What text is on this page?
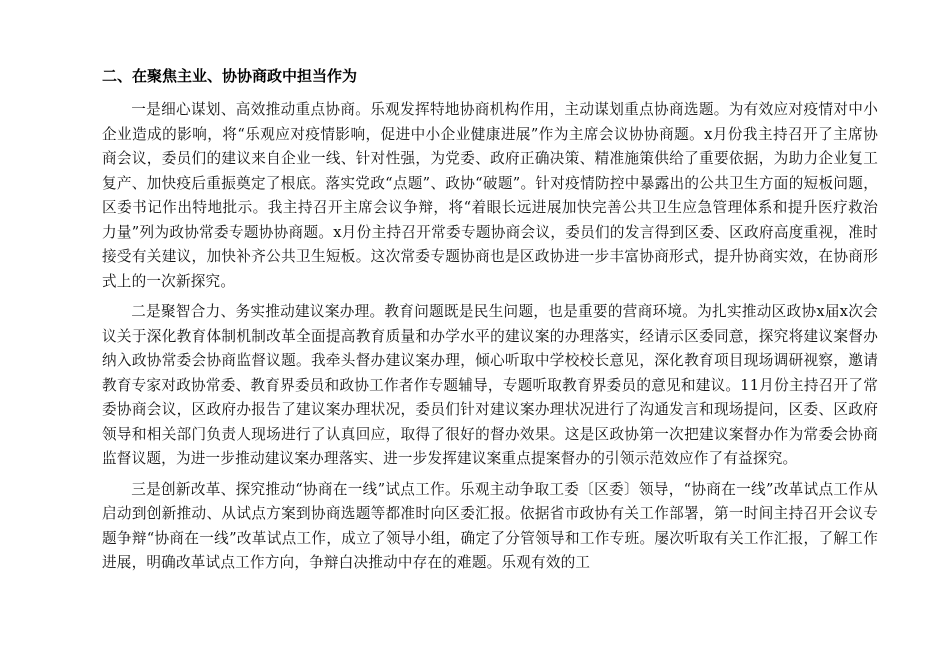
二、在聚焦主业、协协商政中担当作为

一是细心谋划、高效推动重点协商。乐观发挥特地协商机构作用，主动谋划重点协商选题。为有效应对疫情对中小企业造成的影响，将“乐观应对疫情影响，促进中小企业健康进展”作为主席会议协协商题。x月份我主持召开了主席协商会议，委员们的建议来自企业一线、针对性强，为党委、政府正确决策、精准施策供给了重要依据，为助力企业复工复产、加快疫后重振奠定了根底。落实党政“点题”、政协“破题”。针对疫情防控中暴露出的公共卫生方面的短板问题，区委书记作出特地批示。我主持召开主席会议争辩，将“着眼长远进展加快完善公共卫生应急管理体系和提升医疗救治力量”列为政协常委专题协协商题。x月份主持召开常委专题协商会议，委员们的发言得到区委、区政府高度重视，准时接受有关建议，加快补齐公共卫生短板。这次常委专题协商也是区政协进一步丰富协商形式，提升协商实效，在协商形式上的一次新探究。

二是聚智合力、务实推动建议案办理。教育问题既是民生问题，也是重要的营商环境。为扎实推动区政协x届x次会议关于深化教育体制机制改革全面提高教育质量和办学水平的建议案的办理落实，经请示区委同意，探究将建议案督办纳入政协常委会协商监督议题。我牵头督办建议案办理，倾心听取中学校校长意见，深化教育项目现场调研视察，邀请教育专家对政协常委、教育界委员和政协工作者作专题辅导，专题听取教育界委员的意见和建议。11月份主持召开了常委协商会议，区政府办报告了建议案办理状况，委员们针对建议案办理状况进行了沟通发言和现场提问，区委、区政府领导和相关部门负责人现场进行了认真回应，取得了很好的督办效果。这是区政协第一次把建议案督办作为常委会协商监督议题，为进一步推动建议案办理落实、进一步发挥建议案重点提案督办的引领示范效应作了有益探究。

三是创新改革、探究推动“协商在一线”试点工作。乐观主动争取工委〔区委〕领导，“协商在一线”改革试点工作从启动到创新推动、从试点方案到协商选题等都准时向区委汇报。依据省市政协有关工作部署，第一时间主持召开会议专题争辩“协商在一线”改革试点工作，成立了领导小组，确定了分管领导和工作专班。屡次听取有关工作汇报，了解工作进展，明确改革试点工作方向，争辩白决推动中存在的难题。乐观有效的工
